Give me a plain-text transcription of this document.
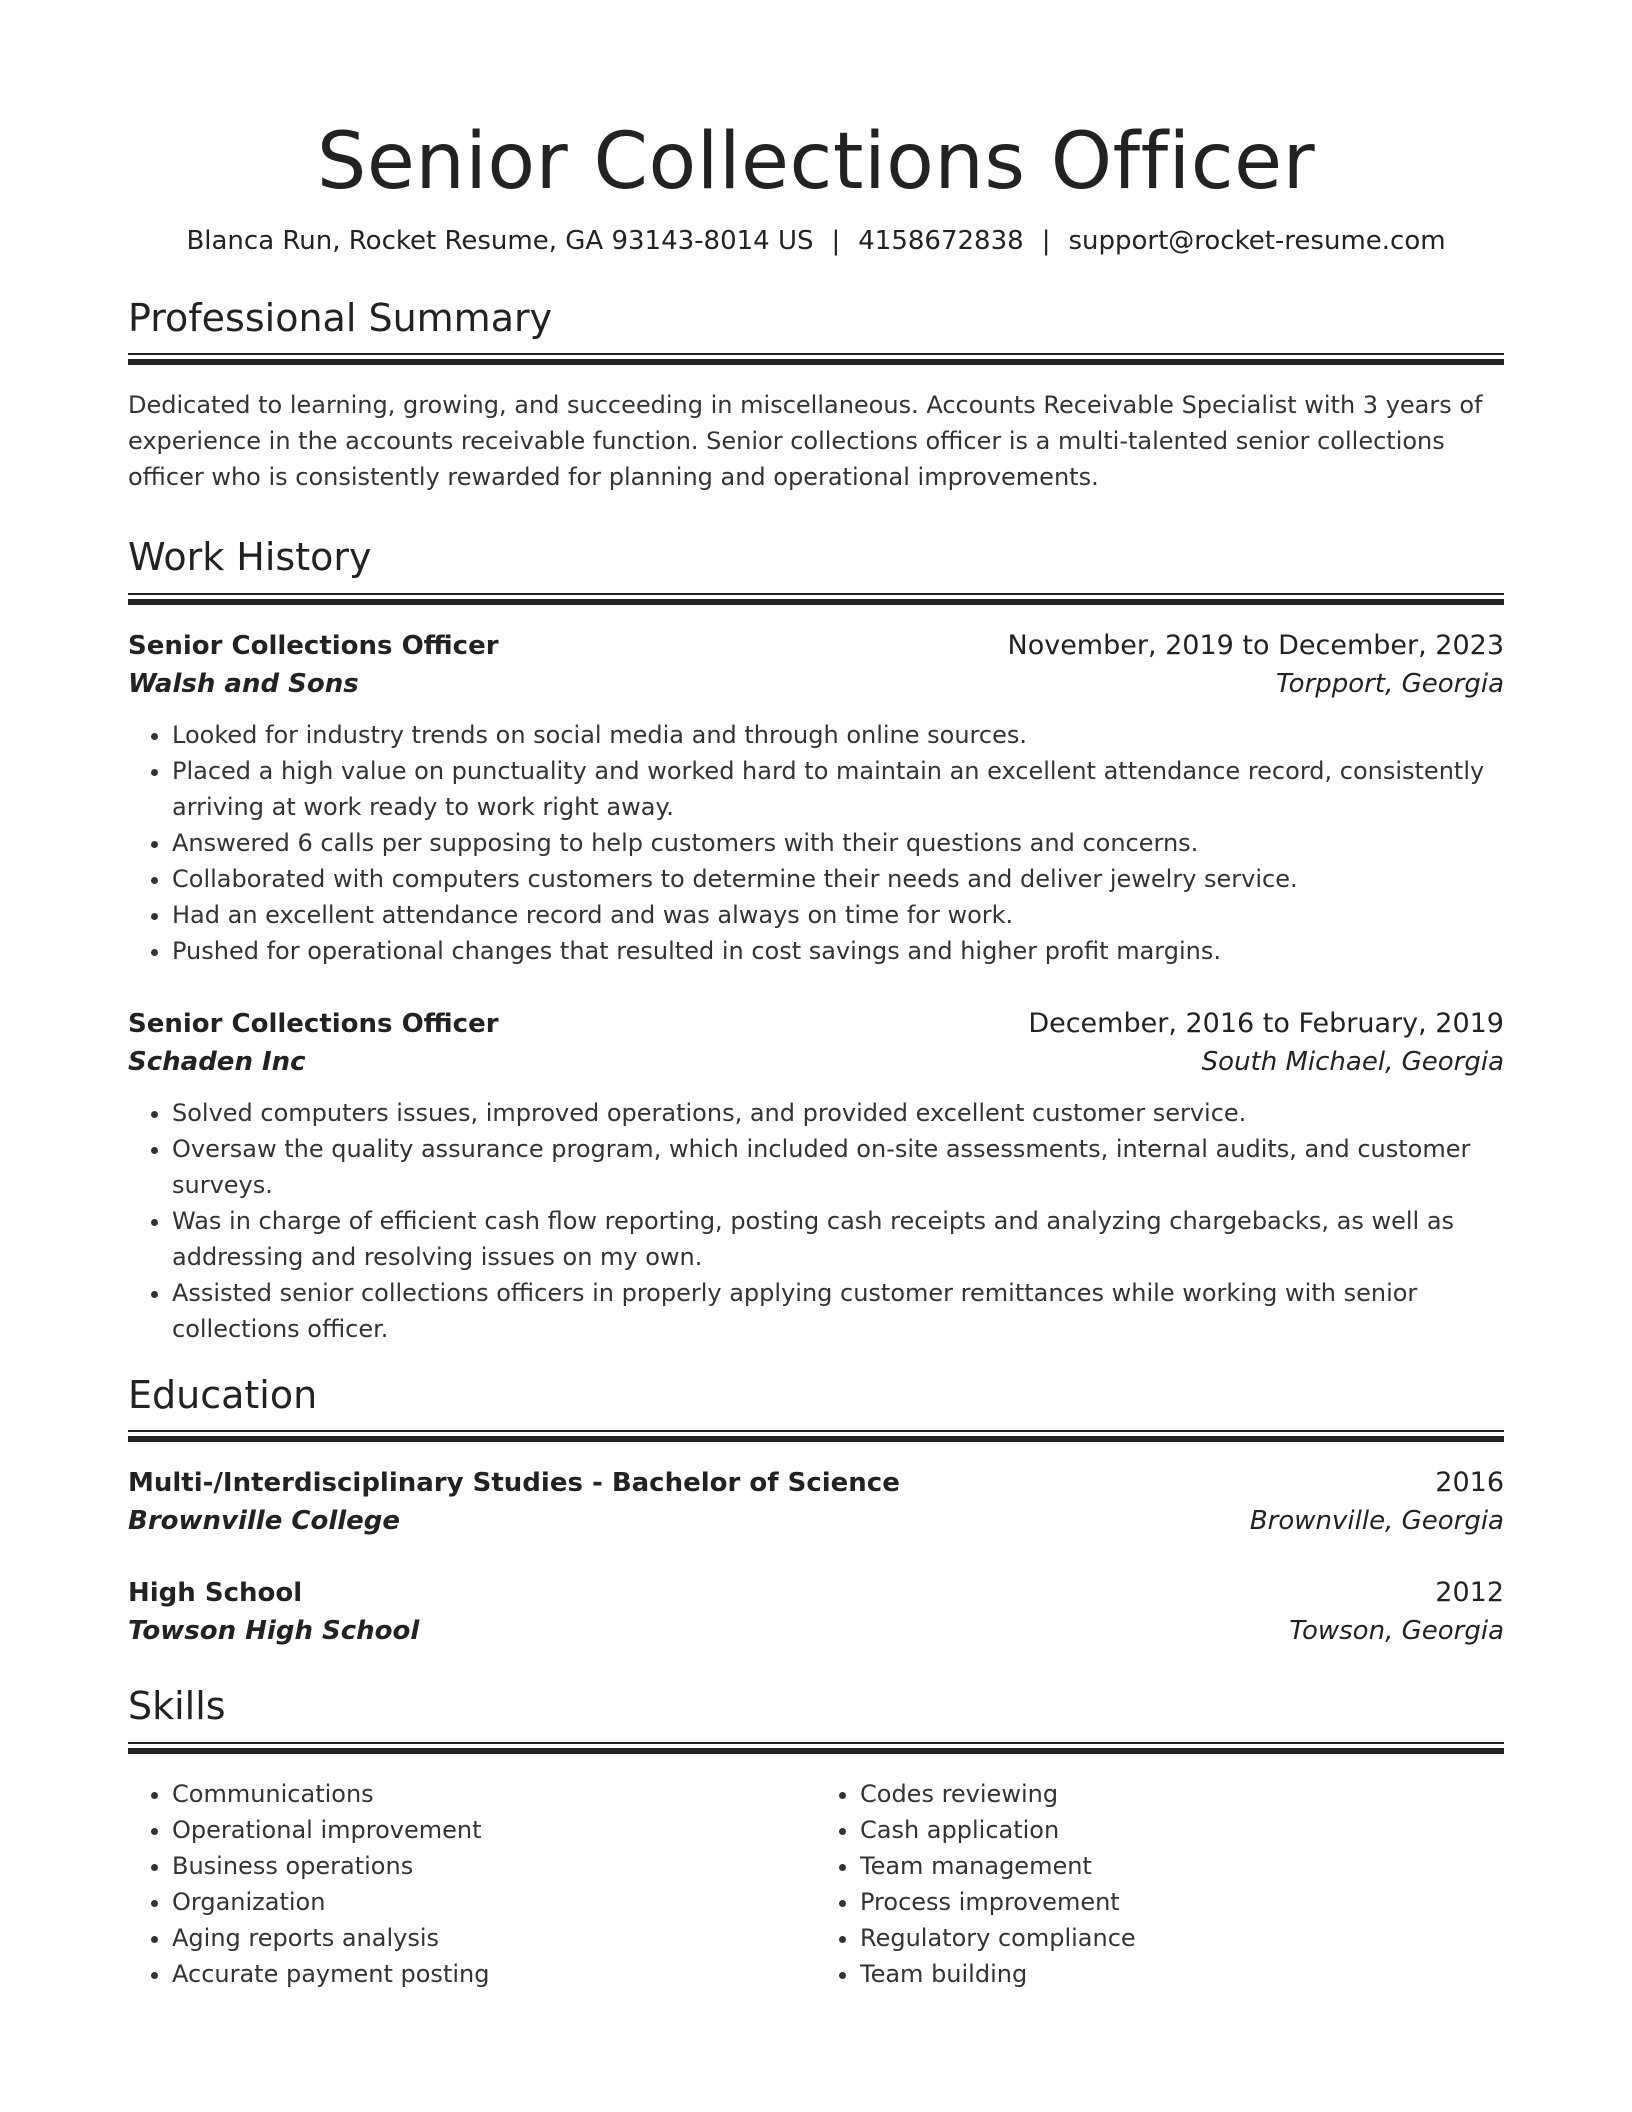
Senior Collections Officer
Blanca Run, Rocket Resume, GA 93143-8014 US | 4158672838 | support@rocket-resume.com
Professional Summary

Dedicated to learning, growing, and succeeding in miscellaneous. Accounts Receivable Specialist with 3 years of experience in the accounts receivable function. Senior collections officer is a multi-talented senior collections officer who is consistently rewarded for planning and operational improvements.

Work History
Senior Collections Officer	November, 2019 to December, 2023
Walsh and Sons	Torpport, Georgia
• Looked for industry trends on social media and through online sources.
• Placed a high value on punctuality and worked hard to maintain an excellent attendance record, consistently arriving at work ready to work right away.
• Answered 6 calls per supposing to help customers with their questions and concerns.
• Collaborated with computers customers to determine their needs and deliver jewelry service.
• Had an excellent attendance record and was always on time for work.
• Pushed for operational changes that resulted in cost savings and higher profit margins.
Senior Collections Officer	December, 2016 to February, 2019
Schaden Inc	South Michael, Georgia
• Solved computers issues, improved operations, and provided excellent customer service.
• Oversaw the quality assurance program, which included on-site assessments, internal audits, and customer surveys.
• Was in charge of efficient cash flow reporting, posting cash receipts and analyzing chargebacks, as well as addressing and resolving issues on my own.
• Assisted senior collections officers in properly applying customer remittances while working with senior collections officer.
Education
Multi-/Interdisciplinary Studies - Bachelor of Science	2016
Brownville College	Brownville, Georgia
High School	2012
Towson High School	Towson, Georgia
Skills
• Communications
• Operational improvement
• Business operations
• Organization
• Aging reports analysis
• Accurate payment posting
• Codes reviewing
• Cash application
• Team management
• Process improvement
• Regulatory compliance
• Team building
